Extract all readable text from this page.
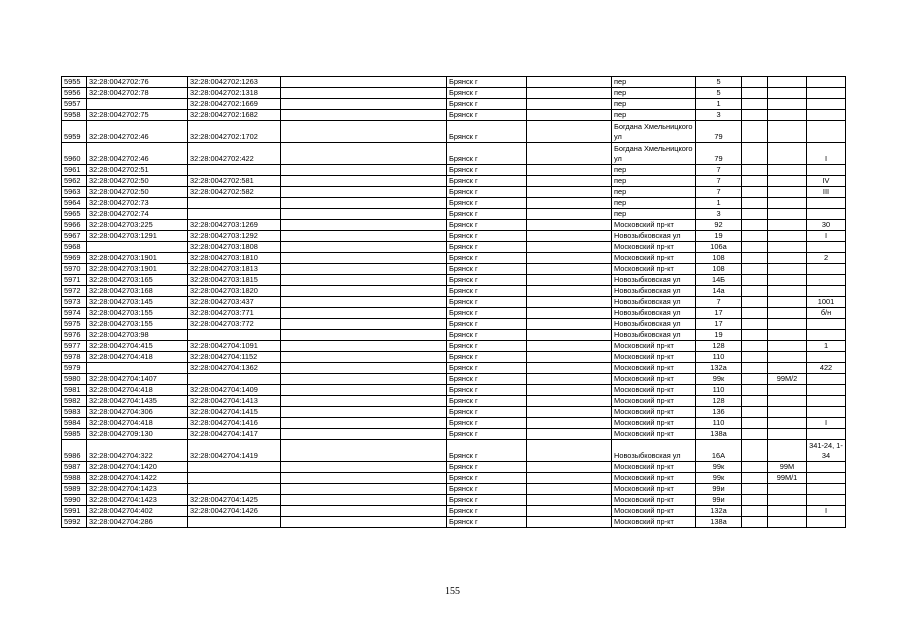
5955	32:28:0042702:76	32:28:0042702:1263		Брянск г		пер	5			
5956	32:28:0042702:78	32:28:0042702:1318		Брянск г		пер	5			
5957		32:28:0042702:1669		Брянск г		пер	1			
5958	32:28:0042702:75	32:28:0042702:1682		Брянск г		пер	3			
5959	32:28:0042702:46	32:28:0042702:1702		Брянск г		Богдана Хмельницкого ул	79			
5960	32:28:0042702:46	32:28:0042702:422		Брянск г		Богдана Хмельницкого ул	79			I
5961	32:28:0042702:51			Брянск г		пер	7			
5962	32:28:0042702:50	32:28:0042702:581		Брянск г		пер	7			IV
5963	32:28:0042702:50	32:28:0042702:582		Брянск г		пер	7			III
5964	32:28:0042702:73			Брянск г		пер	1			
5965	32:28:0042702:74			Брянск г		пер	3			
5966	32:28:0042703:225	32:28:0042703:1269		Брянск г		Московский пр-кт	92			30
5967	32:28:0042703:1291	32:28:0042703:1292		Брянск г		Новозыбковская ул	19			I
5968		32:28:0042703:1808		Брянск г		Московский пр-кт	106а			
5969	32:28:0042703:1901	32:28:0042703:1810		Брянск г		Московский пр-кт	108			2
5970	32:28:0042703:1901	32:28:0042703:1813		Брянск г		Московский пр-кт	108			
5971	32:28:0042703:165	32:28:0042703:1815		Брянск г		Новозыбковская ул	14Б			
5972	32:28:0042703:168	32:28:0042703:1820		Брянск г		Новозыбковская ул	14а			
5973	32:28:0042703:145	32:28:0042703:437		Брянск г		Новозыбковская ул	7			1001
5974	32:28:0042703:155	32:28:0042703:771		Брянск г		Новозыбковская ул	17			б/н
5975	32:28:0042703:155	32:28:0042703:772		Брянск г		Новозыбковская ул	17			
5976	32:28:0042703:98			Брянск г		Новозыбковская ул	19			
5977	32:28:0042704:415	32:28:0042704:1091		Брянск г		Московский пр-кт	128			1
5978	32:28:0042704:418	32:28:0042704:1152		Брянск г		Московский пр-кт	110			
5979		32:28:0042704:1362		Брянск г		Московский пр-кт	132а			422
5980	32:28:0042704:1407			Брянск г		Московский пр-кт	99к		99М/2	
5981	32:28:0042704:418	32:28:0042704:1409		Брянск г		Московский пр-кт	110			
5982	32:28:0042704:1435	32:28:0042704:1413		Брянск г		Московский пр-кт	128			
5983	32:28:0042704:306	32:28:0042704:1415		Брянск г		Московский пр-кт	136			
5984	32:28:0042704:418	32:28:0042704:1416		Брянск г		Московский пр-кт	110			I
5985	32:28:0042709:130	32:28:0042704:1417		Брянск г		Московский пр-кт	138а			
5986	32:28:0042704:322	32:28:0042704:1419		Брянск г		Новозыбковская ул	16А			341-24, 1-34
5987	32:28:0042704:1420			Брянск г		Московский пр-кт	99к		99М	
5988	32:28:0042704:1422			Брянск г		Московский пр-кт	99к		99М/1	
5989	32:28:0042704:1423			Брянск г		Московский пр-кт	99и			
5990	32:28:0042704:1423	32:28:0042704:1425		Брянск г		Московский пр-кт	99и			
5991	32:28:0042704:402	32:28:0042704:1426		Брянск г		Московский пр-кт	132а			I
5992	32:28:0042704:286			Брянск г		Московский пр-кт	138а			
155
